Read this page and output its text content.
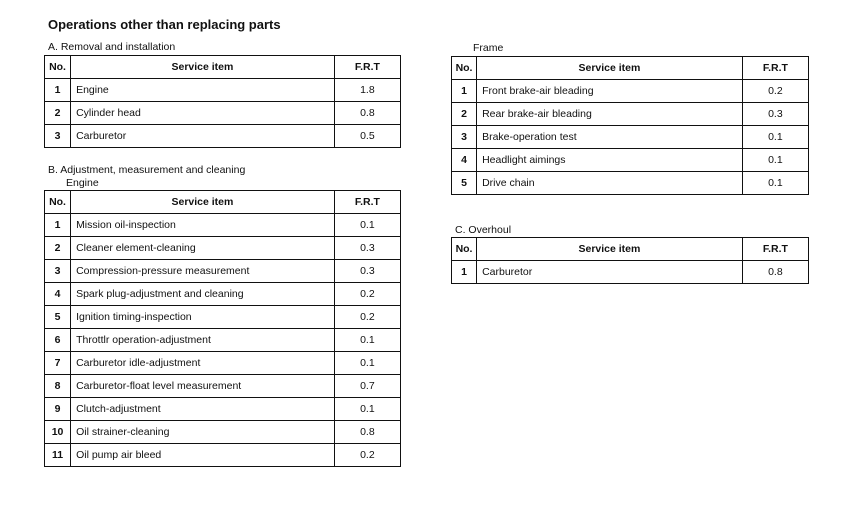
Operations other than replacing parts
A. Removal and installation
No.	Service item	F.R.T
1	Engine	1.8
2	Cylinder head	0.8
3	Carburetor	0.5
B. Adjustment, measurement and cleaning
Engine
No.	Service item	F.R.T
1	Mission oil-inspection	0.1
2	Cleaner element-cleaning	0.3
3	Compression-pressure measurement	0.3
4	Spark plug-adjustment and cleaning	0.2
5	Ignition timing-inspection	0.2
6	Throttlr operation-adjustment	0.1
7	Carburetor idle-adjustment	0.1
8	Carburetor-float level measurement	0.7
9	Clutch-adjustment	0.1
10	Oil strainer-cleaning	0.8
11	Oil pump air bleed	0.2
Frame
No.	Service item	F.R.T
1	Front brake-air bleading	0.2
2	Rear brake-air bleading	0.3
3	Brake-operation test	0.1
4	Headlight aimings	0.1
5	Drive chain	0.1
C. Overhoul
No.	Service item	F.R.T
1	Carburetor	0.8
